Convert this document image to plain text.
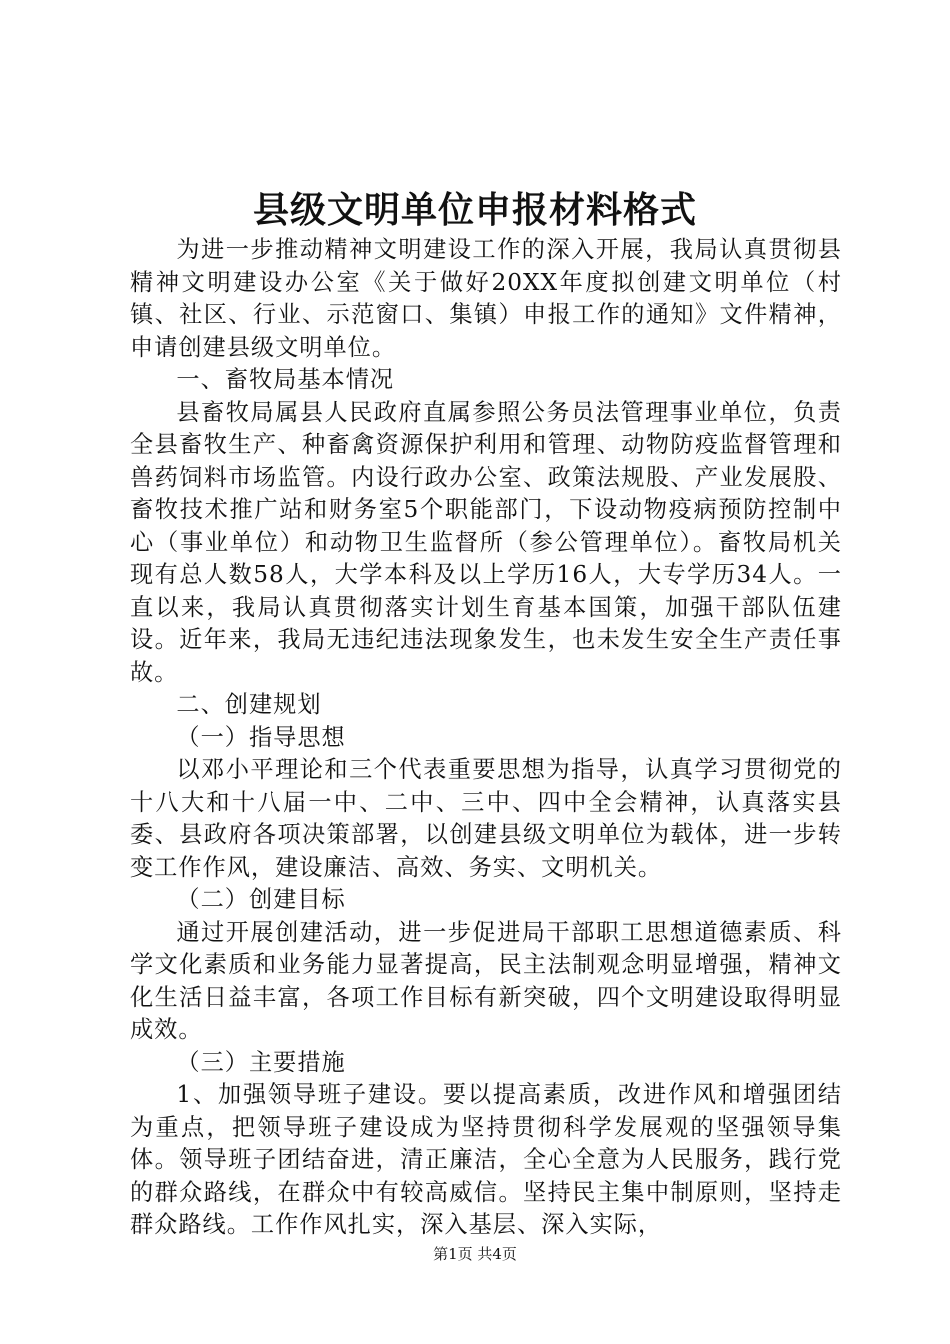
县级文明单位申报材料格式

为进一步推动精神文明建设工作的深入开展，我局认真贯彻县精神文明建设办公室《关于做好20XX年度拟创建文明单位（村镇、社区、行业、示范窗口、集镇）申报工作的通知》文件精神，申请创建县级文明单位。

一、畜牧局基本情况

县畜牧局属县人民政府直属参照公务员法管理事业单位，负责全县畜牧生产、种畜禽资源保护利用和管理、动物防疫监督管理和兽药饲料市场监管。内设行政办公室、政策法规股、产业发展股、畜牧技术推广站和财务室5个职能部门，下设动物疫病预防控制中心（事业单位）和动物卫生监督所（参公管理单位）。畜牧局机关现有总人数58人，大学本科及以上学历16人，大专学历34人。一直以来，我局认真贯彻落实计划生育基本国策，加强干部队伍建设。近年来，我局无违纪违法现象发生，也未发生安全生产责任事故。

二、创建规划

（一）指导思想

以邓小平理论和三个代表重要思想为指导，认真学习贯彻党的十八大和十八届一中、二中、三中、四中全会精神，认真落实县委、县政府各项决策部署，以创建县级文明单位为载体，进一步转变工作作风，建设廉洁、高效、务实、文明机关。

（二）创建目标

通过开展创建活动，进一步促进局干部职工思想道德素质、科学文化素质和业务能力显著提高，民主法制观念明显增强，精神文化生活日益丰富，各项工作目标有新突破，四个文明建设取得明显成效。

（三）主要措施

1、加强领导班子建设。要以提高素质，改进作风和增强团结为重点，把领导班子建设成为坚持贯彻科学发展观的坚强领导集体。领导班子团结奋进，清正廉洁，全心全意为人民服务，践行党的群众路线，在群众中有较高威信。坚持民主集中制原则，坚持走群众路线。工作作风扎实，深入基层、深入实际，

第1页 共4页
